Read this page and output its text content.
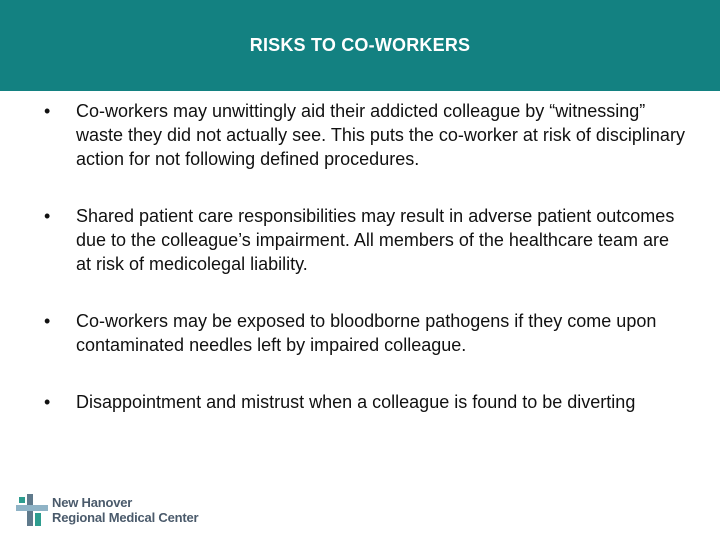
RISKS TO CO-WORKERS
• Co-workers may unwittingly aid their addicted colleague by “witnessing” waste they did not actually see. This puts the co-worker at risk of disciplinary action for not following defined procedures.
• Shared patient care responsibilities may result in adverse patient outcomes due to the colleague’s impairment. All members of the healthcare team are at risk of medicolegal liability.
• Co-workers may be exposed to bloodborne pathogens if they come upon contaminated needles left by impaired colleague.
• Disappointment and mistrust when a colleague is found to be diverting
New Hanover
Regional Medical Center
